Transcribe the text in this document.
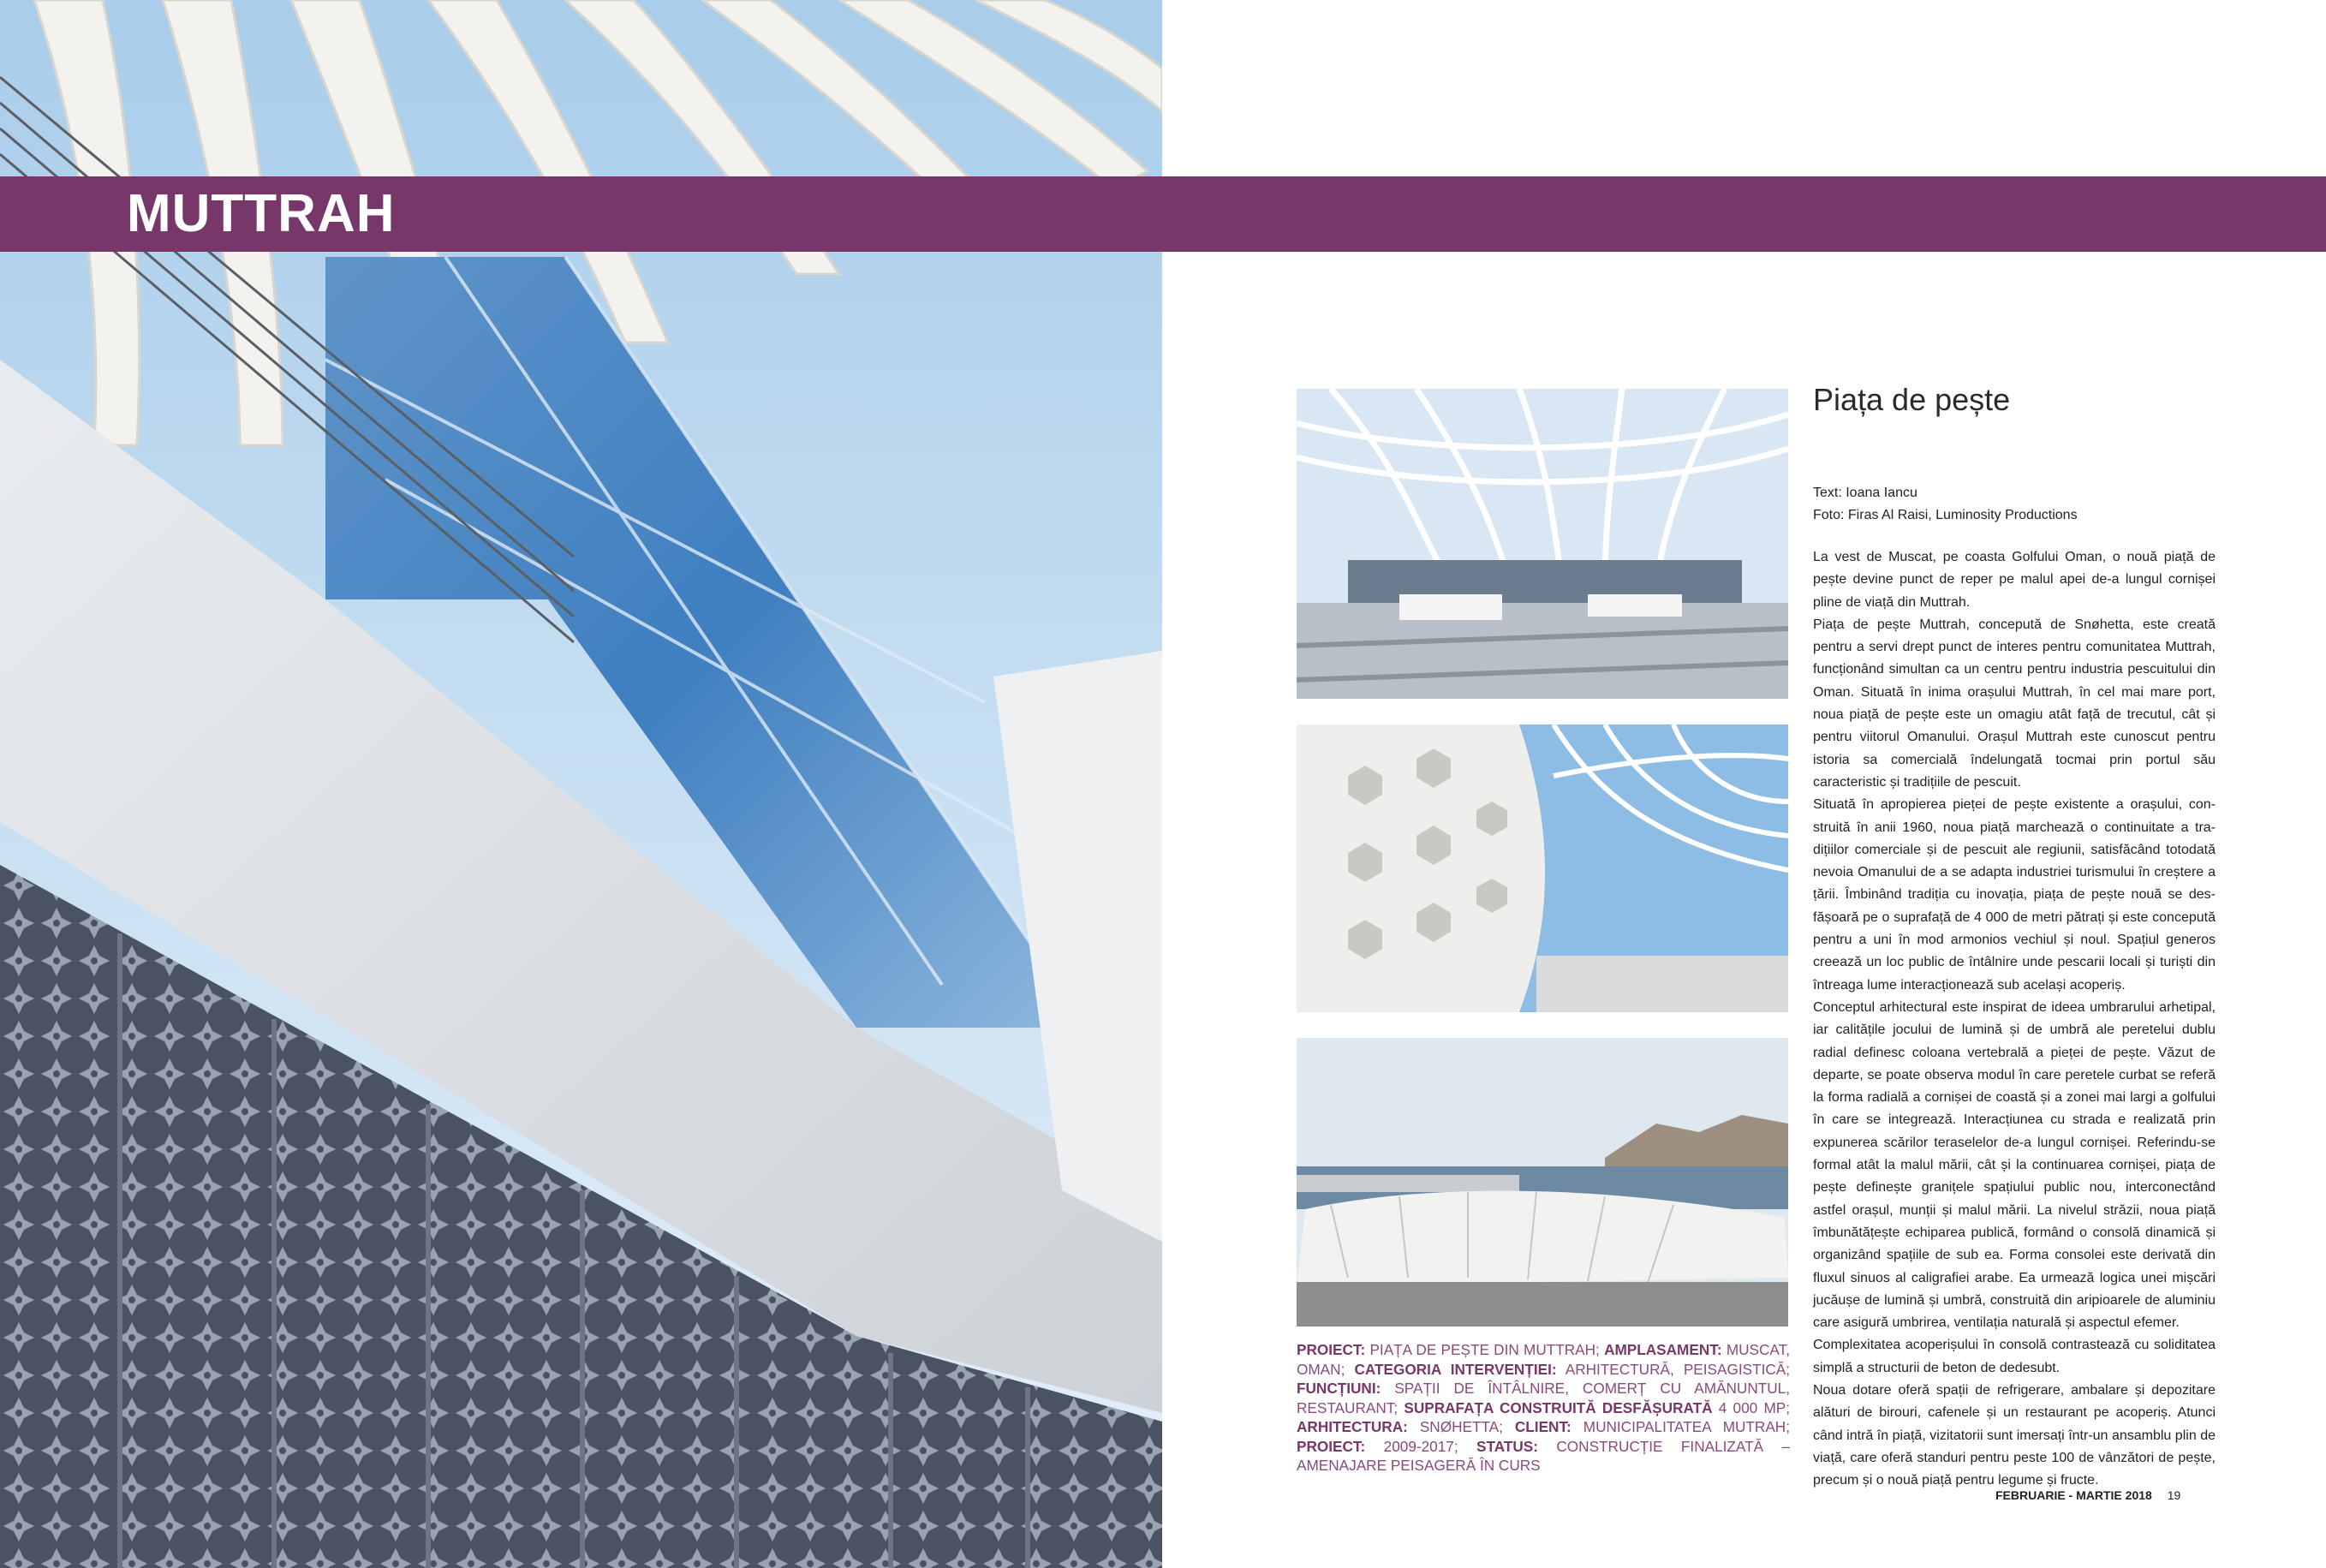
MUTTRAH
PROIECT: PIAȚA DE PEȘTE DIN MUTTRAH; AMPLASAMENT: MUSCAT, OMAN; CATEGORIA INTERVENȚIEI: ARHITECTURĂ, PEISAGISTICĂ; FUNCȚIUNI: SPAȚII DE ÎNTÂLNIRE, COMERȚ CU AMĂNUNTUL, RESTAURANT; SUPRAFAȚA CONSTRUITĂ DESFĂȘURATĂ 4 000 MP; ARHITECTURA: SNØHETTA; CLIENT: MUNICIPALITATEA MUTRAH; PROIECT: 2009-2017; STATUS: CONSTRUCȚIE FINALIZATĂ – AMENAJARE PEISAGERĂ ÎN CURS
Piața de pește
Text: Ioana Iancu
Foto: Firas Al Raisi, Luminosity Productions

La vest de Muscat, pe coasta Golfului Oman, o nouă piață de pește devine punct de reper pe malul apei de-a lungul cornișei pline de viață din Muttrah.

Piața de pește Muttrah, concepută de Snøhetta, este creată pentru a servi drept punct de interes pentru comunitatea Muttrah, funcționând simultan ca un centru pentru industria pescuitului din Oman. Situată în inima orașului Muttrah, în cel mai mare port, noua piață de pește este un omagiu atât față de trecutul, cât și pentru viitorul Omanului. Orașul Muttrah este cunoscut pentru istoria sa comercială îndelungată tocmai prin portul său caracteristic și tradițiile de pescuit.

Situată în apropierea pieței de pește existente a orașului, construită în anii 1960, noua piață marchează o continuitate a tradițiilor comerciale și de pescuit ale regiunii, satisfăcând totodată nevoia Omanului de a se adapta industriei turismului în creștere a țării. Îmbinând tradiția cu inovația, piața de pește nouă se desfășoară pe o suprafață de 4 000 de metri pătrați și este concepută pentru a uni în mod armonios vechiul și noul. Spațiul generos creează un loc public de întâlnire unde pescarii locali și turiști din întreaga lume interacționează sub același acoperiș.

Conceptul arhitectural este inspirat de ideea umbrarului arhetipal, iar calitățile jocului de lumină și de umbră ale peretelui dublu radial definesc coloana vertebrală a pieței de pește. Văzut de departe, se poate observa modul în care peretele curbat se referă la forma radială a cornișei de coastă și a zonei mai largi a golfului în care se integrează. Interacțiunea cu strada e realizată prin expunerea scărilor teraselelor de-a lungul cornișei. Referindu-se formal atât la malul mării, cât și la continuarea cornișei, piața de pește definește granițele spațiului public nou, interconectând astfel orașul, munții și malul mării. La nivelul străzii, noua piață îmbunătățește echiparea publică, formând o consolă dinamică și organizând spațiile de sub ea. Forma consolei este derivată din fluxul sinuos al caligrafiei arabe. Ea urmează logica unei mișcări jucăușe de lumină și umbră, construită din aripioarele de aluminiu care asigură umbrirea, ventilația naturală și aspectul efemer.

Complexitatea acoperișului în consolă contrastează cu soliditatea simplă a structurii de beton de dedesubt.

Noua dotare oferă spații de refrigerare, ambalare și depozitare alături de birouri, cafenele și un restaurant pe acoperiș. Atunci când intră în piață, vizitatorii sunt imersați într-un ansamblu plin de viață, care oferă standuri pentru peste 100 de vânzători de pește, precum și o nouă piață pentru legume și fructe.

FEBRUARIE - MARTIE 2018 19
